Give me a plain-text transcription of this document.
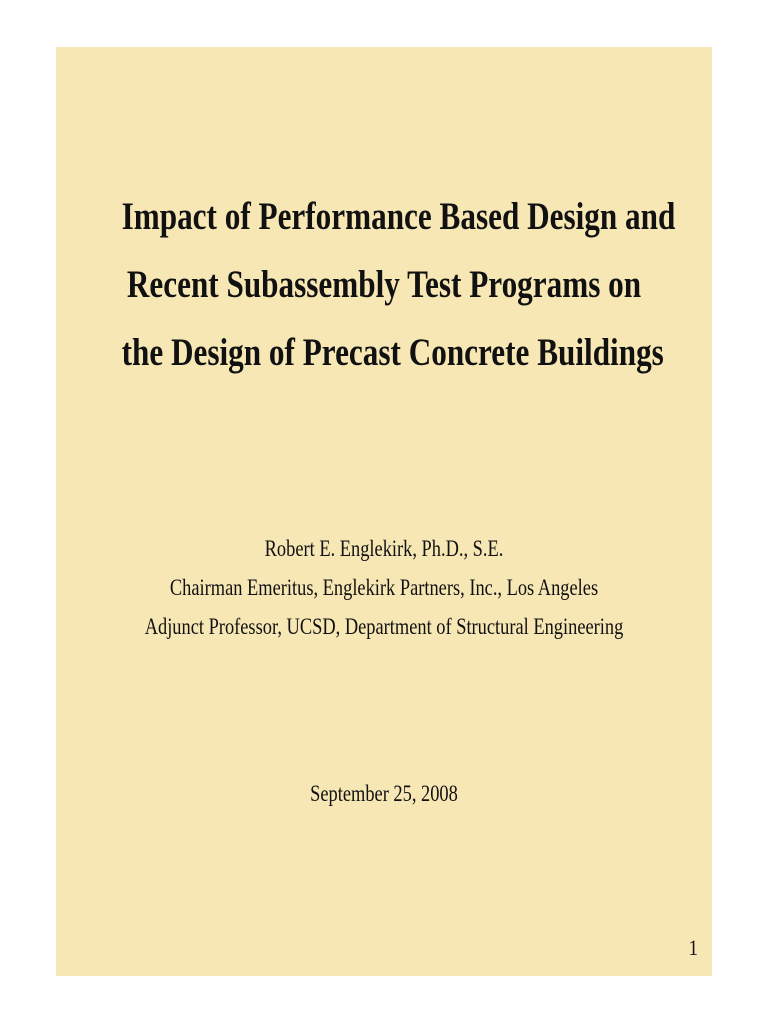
Impact of Performance Based Design and
Recent Subassembly Test Programs on
the Design of Precast Concrete Buildings
Robert E. Englekirk, Ph.D., S.E.
Chairman Emeritus, Englekirk Partners, Inc., Los Angeles
Adjunct Professor, UCSD, Department of Structural Engineering
September 25, 2008
1
